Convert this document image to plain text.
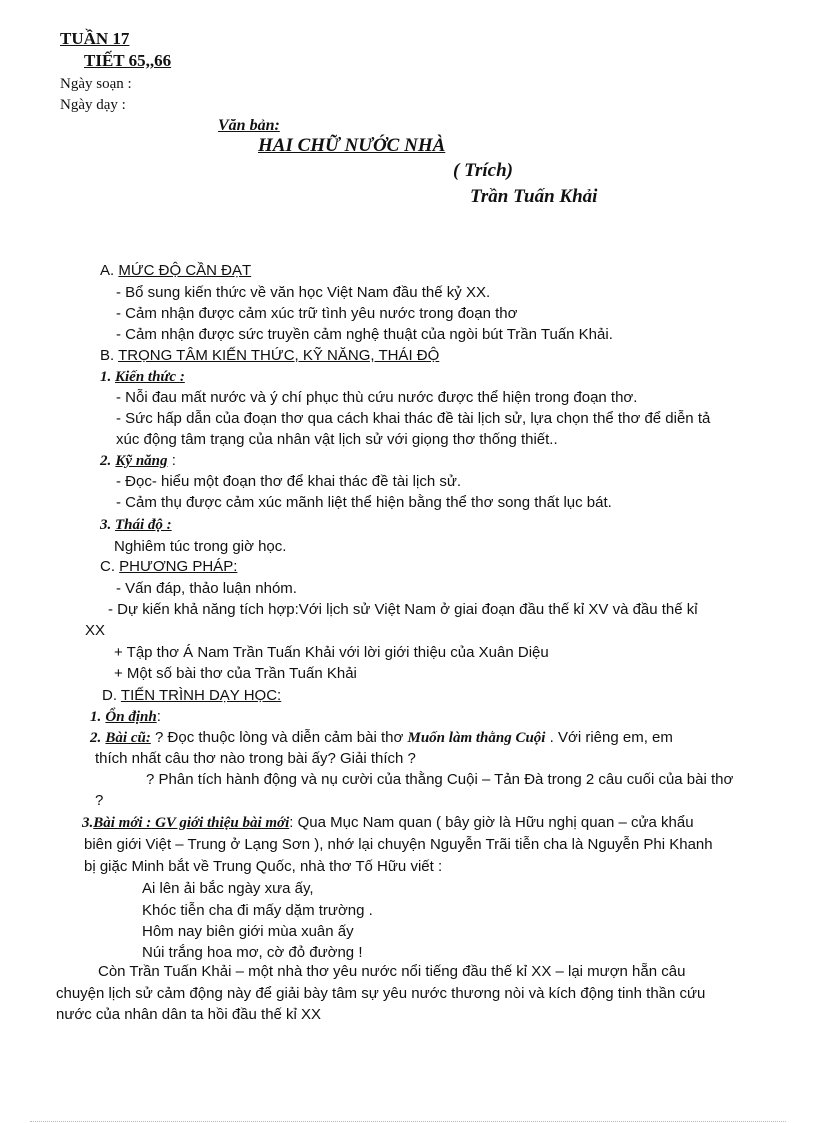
TUẦN 17
TIẾT 65,,66
Ngày soạn :
Ngày dạy :
Văn bản:
HAI CHỮ NƯỚC NHÀ
( Trích)
Trần Tuấn Khải
A. MỨC ĐỘ CẦN ĐẠT
- Bổ sung kiến thức về văn học Việt Nam đầu thế kỷ XX.
- Cảm nhận được cảm xúc trữ tình yêu nước trong đoạn thơ
- Cảm nhận được sức truyền cảm nghệ thuật của ngòi bút Trần Tuấn Khải.
B. TRỌNG TÂM KIẾN THỨC, KỸ NĂNG, THÁI ĐỘ
1. Kiến thức :
- Nỗi đau mất nước và ý chí phục thù cứu nước được thể hiện trong đoạn thơ.
- Sức hấp dẫn của đoạn thơ qua cách khai thác đề tài lịch sử, lựa chọn thể thơ để diễn tả
xúc động tâm trạng của nhân vật lịch sử với giọng thơ thống thiết..
2. Kỹ năng :
- Đọc- hiểu một đoạn thơ để khai thác đề tài lịch sử.
- Cảm thụ được cảm xúc mãnh liệt thể hiện bằng thể thơ song thất lục bát.
3. Thái độ :
Nghiêm túc trong giờ học.
C. PHƯƠNG PHÁP:
- Vấn đáp, thảo luận nhóm.
- Dự kiến khả năng tích hợp:Với lịch sử Việt Nam ở giai đoạn đầu thế kỉ XV và đầu thế kỉ
XX
+ Tập thơ Á Nam Trần Tuấn Khải với lời giới thiệu của Xuân Diệu
+ Một số bài thơ của Trần Tuấn Khải
D. TIẾN TRÌNH DẠY HỌC:
1. Ổn định:
2. Bài cũ: ? Đọc thuộc lòng và diễn cảm bài thơ Muốn làm thằng Cuội . Với riêng em, em
thích nhất câu thơ nào trong bài ấy? Giải thích ?
? Phân tích hành động và nụ cười của thằng Cuội – Tản Đà trong 2 câu cuối của bài thơ
?
3.Bài mới : GV giới thiệu bài mới: Qua Mục Nam quan ( bây giờ là Hữu nghị quan – cửa khẩu
biên giới Việt – Trung ở Lạng Sơn ), nhớ lại chuyện Nguyễn Trãi tiễn cha là Nguyễn Phi Khanh
bị giặc Minh bắt về Trung Quốc, nhà thơ Tố Hữu viết :
Ai lên ải bắc ngày xưa ấy,
Khóc tiễn cha đi mấy dặm trường .
Hôm nay biên giới mùa xuân ấy
Núi trắng hoa mơ, cờ đỏ đường !
Còn Trần Tuấn Khải – một nhà thơ yêu nước nổi tiếng đầu thế kỉ XX – lại mượn hẵn câu
chuyện lịch sử cảm động này để giải bày tâm sự yêu nước thương nòi và kích động tinh thần cứu
nước của nhân dân ta hồi đầu thế kỉ XX
